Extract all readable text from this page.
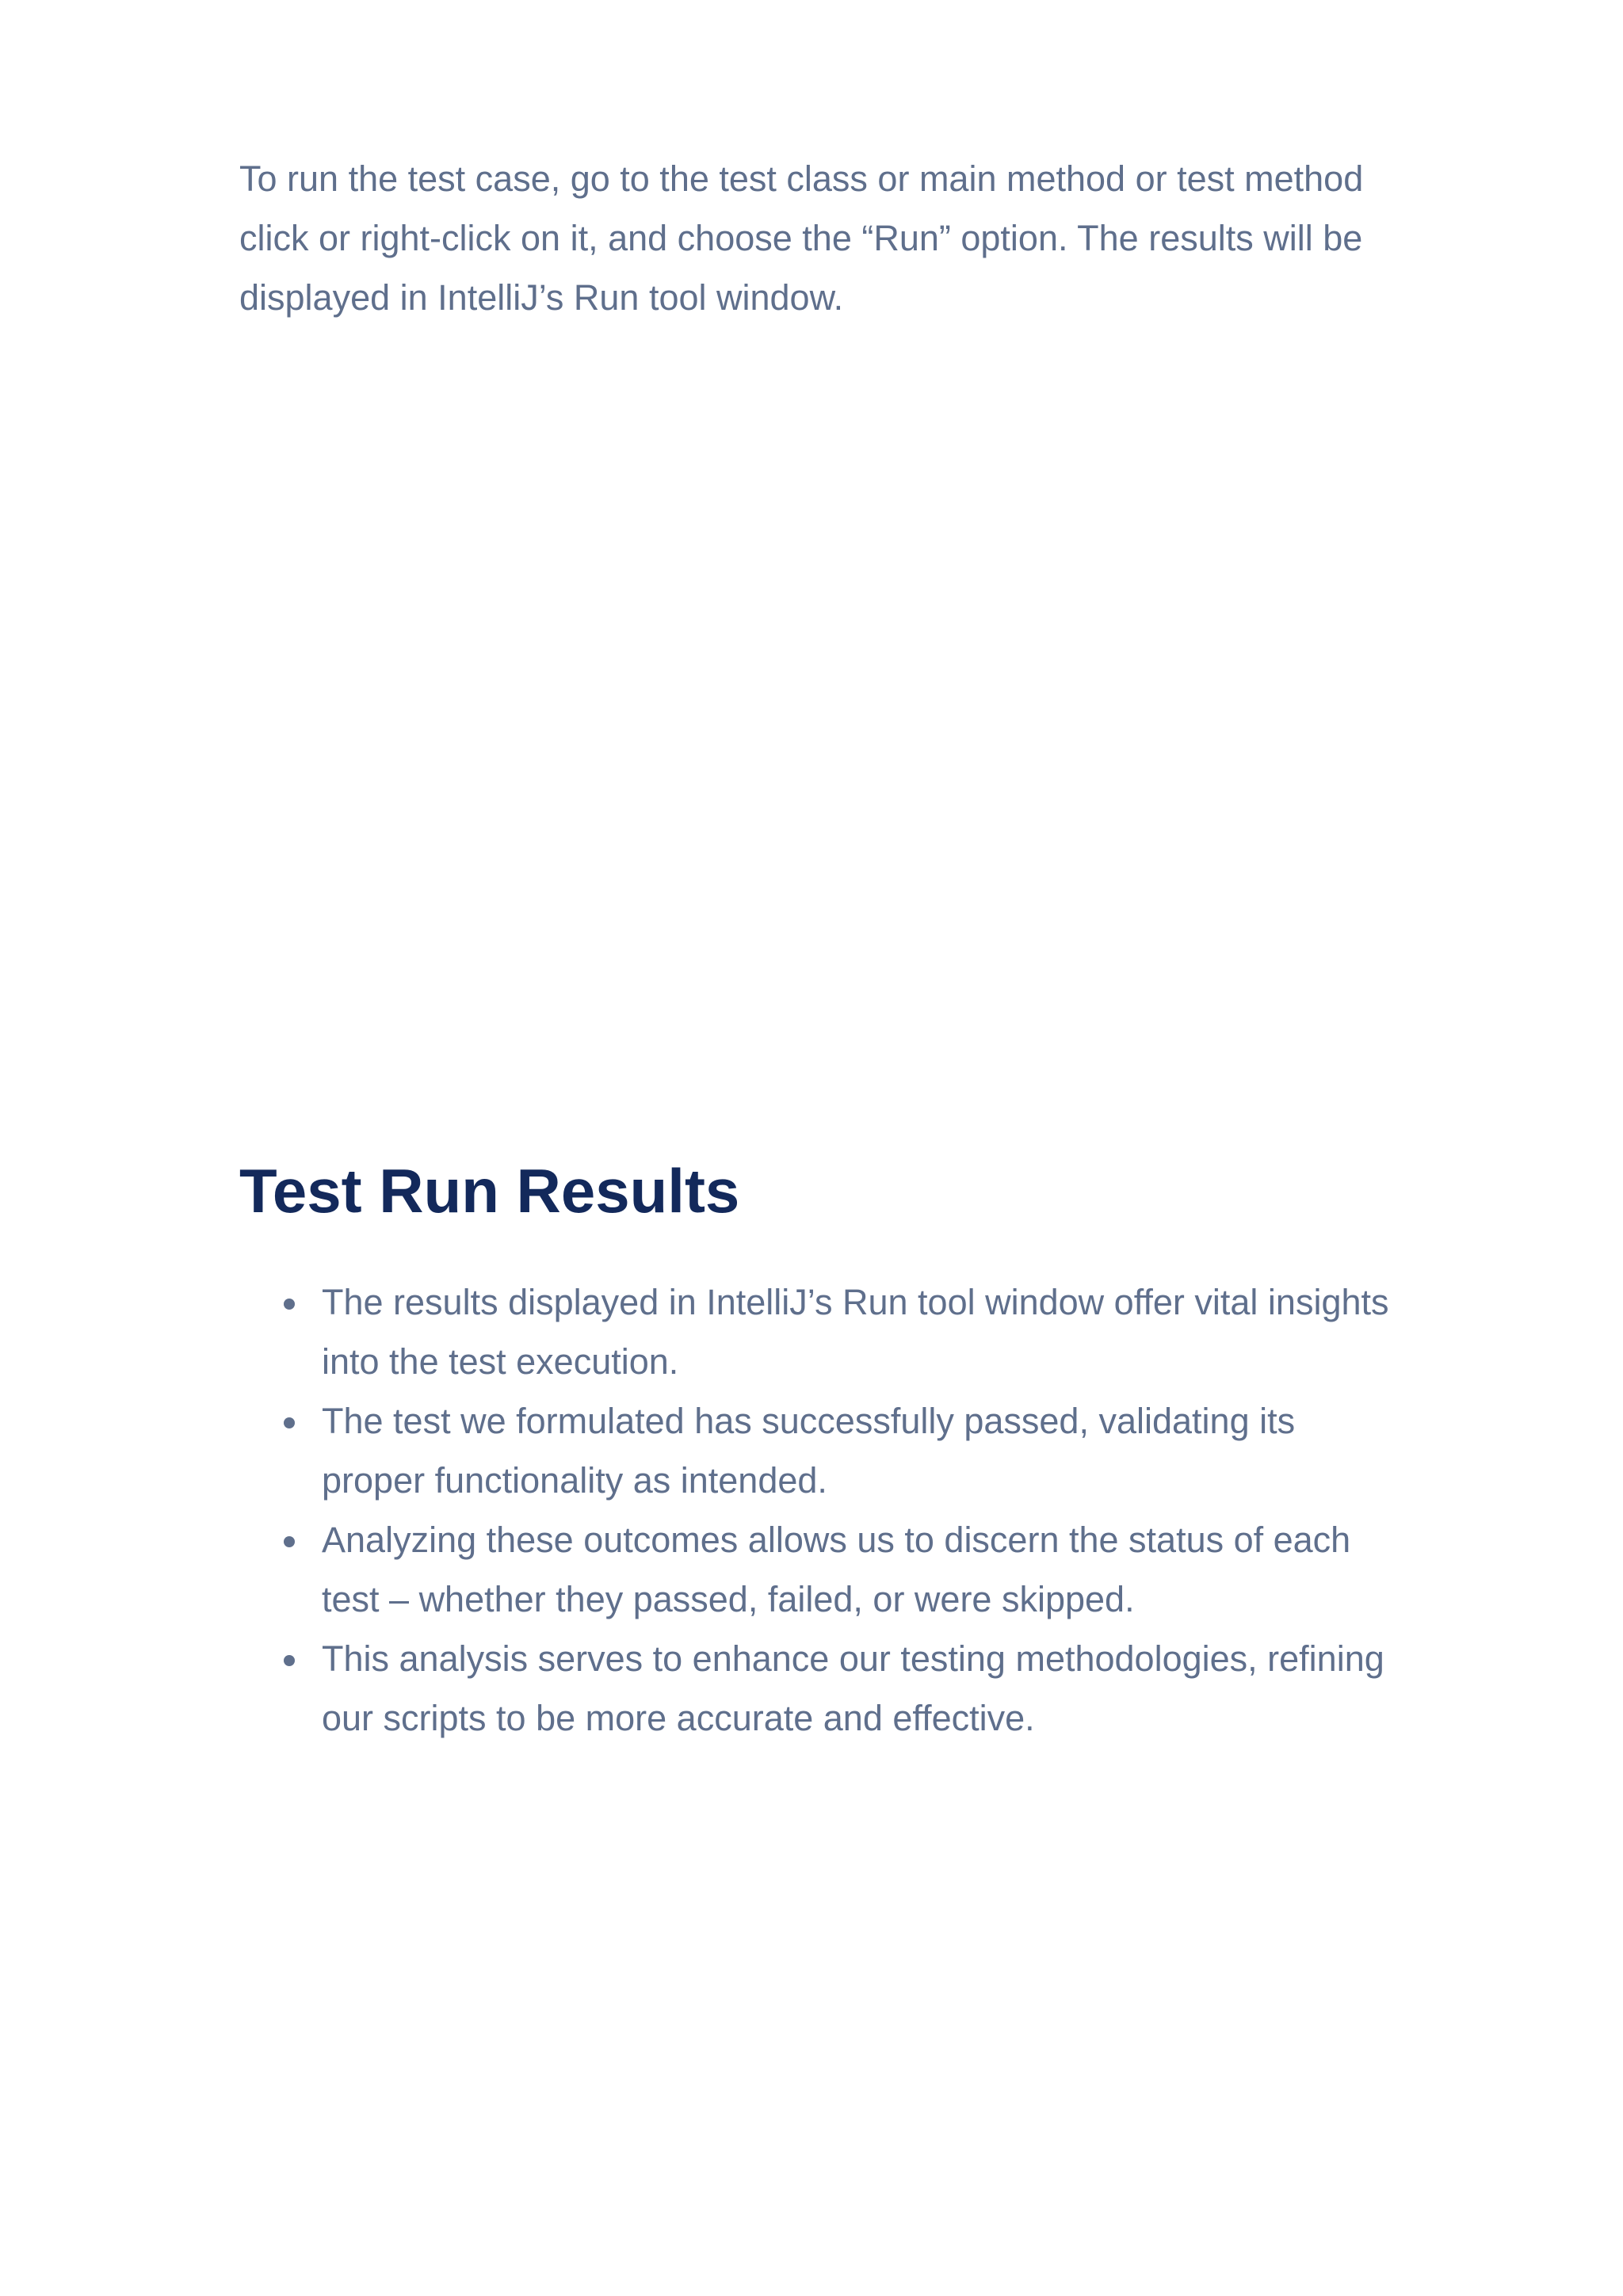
To run the test case, go to the test class or main method or test method click or right-click on it, and choose the “Run” option. The results will be displayed in IntelliJ’s Run tool window.

Test Run Results
The results displayed in IntelliJ’s Run tool window offer vital insights into the test execution.
The test we formulated has successfully passed, validating its proper functionality as intended.
Analyzing these outcomes allows us to discern the status of each test – whether they passed, failed, or were skipped.
This analysis serves to enhance our testing methodologies, refining our scripts to be more accurate and effective.
